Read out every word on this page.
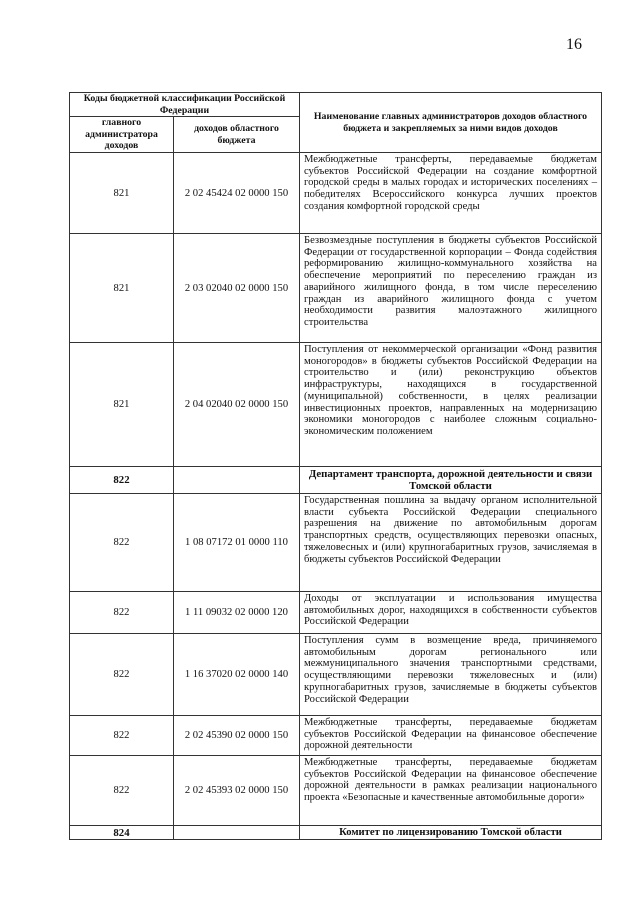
16
Коды бюджетной классификации Российской Федерации		Наименование главных администраторов доходов областного бюджета и закрепляемых за ними видов доходов
главного администратора доходов	доходов областного бюджета	
821	2 02 45424 02 0000 150	Межбюджетные трансферты, передаваемые бюджетам субъектов Российской Федерации на создание комфортной городской среды в малых городах и исторических поселениях – победителях Всероссийского конкурса лучших проектов создания комфортной городской среды
821	2 03 02040 02 0000 150	Безвозмездные поступления в бюджеты субъектов Российской Федерации от государственной корпорации – Фонда содействия реформированию жилищно-коммунального хозяйства на обеспечение мероприятий по переселению граждан из аварийного жилищного фонда, в том числе переселению граждан из аварийного жилищного фонда с учетом необходимости развития малоэтажного жилищного строительства
821	2 04 02040 02 0000 150	Поступления от некоммерческой организации «Фонд развития моногородов» в бюджеты субъектов Российской Федерации на строительство и (или) реконструкцию объектов инфраструктуры, находящихся в государственной (муниципальной) собственности, в целях реализации инвестиционных проектов, направленных на модернизацию экономики моногородов с наиболее сложным социально-экономическим положением
822		Департамент транспорта, дорожной деятельности и связи Томской области
822	1 08 07172 01 0000 110	Государственная пошлина за выдачу органом исполнительной власти субъекта Российской Федерации специального разрешения на движение по автомобильным дорогам транспортных средств, осуществляющих перевозки опасных, тяжеловесных и (или) крупногабаритных грузов, зачисляемая в бюджеты субъектов Российской Федерации
822	1 11 09032 02 0000 120	Доходы от эксплуатации и использования имущества автомобильных дорог, находящихся в собственности субъектов Российской Федерации
822	1 16 37020 02 0000 140	Поступления сумм в возмещение вреда, причиняемого автомобильным дорогам регионального или межмуниципального значения транспортными средствами, осуществляющими перевозки тяжеловесных и (или) крупногабаритных грузов, зачисляемые в бюджеты субъектов Российской Федерации
822	2 02 45390 02 0000 150	Межбюджетные трансферты, передаваемые бюджетам субъектов Российской Федерации на финансовое обеспечение дорожной деятельности
822	2 02 45393 02 0000 150	Межбюджетные трансферты, передаваемые бюджетам субъектов Российской Федерации на финансовое обеспечение дорожной деятельности в рамках реализации национального проекта «Безопасные и качественные автомобильные дороги»
824		Комитет по лицензированию Томской области
